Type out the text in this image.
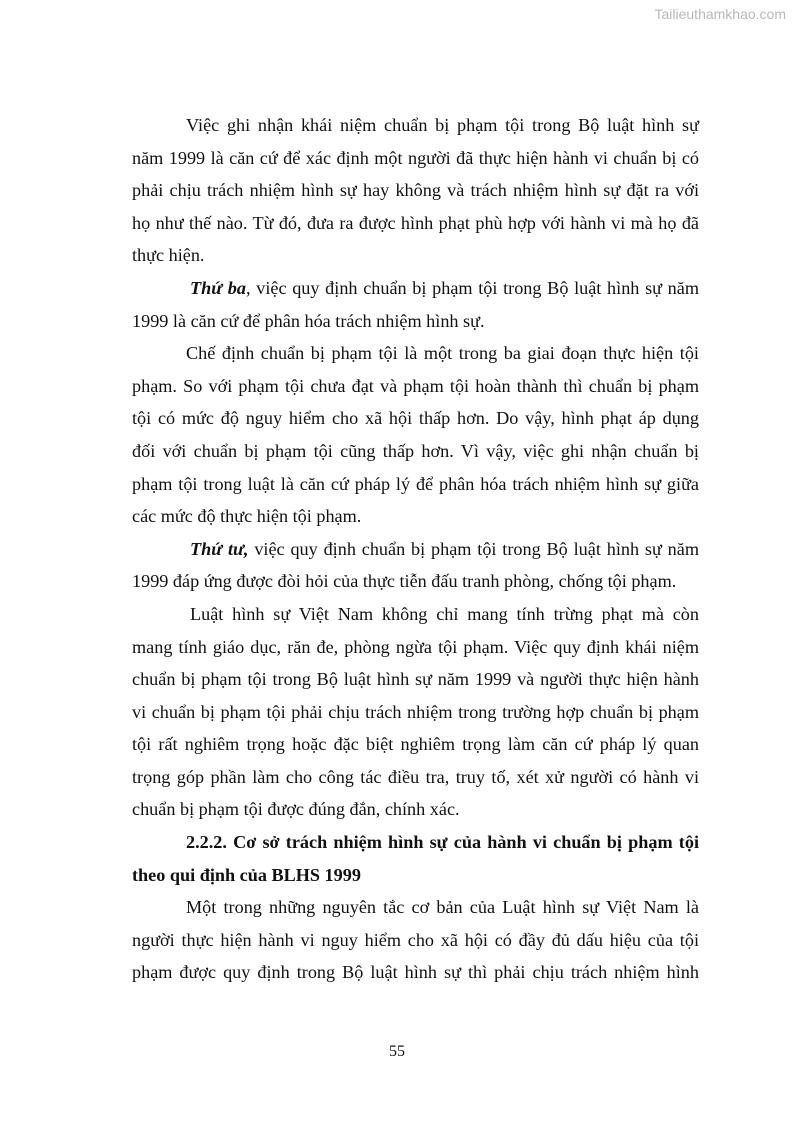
Tailieuthamkhao.com
Việc ghi nhận khái niệm chuẩn bị phạm tội trong Bộ luật hình sự
năm 1999 là căn cứ để xác định một người đã thực hiện hành vi chuẩn bị có
phải chịu trách nhiệm hình sự hay không và trách nhiệm hình sự đặt ra với
họ như thế nào. Từ đó, đưa ra được hình phạt phù hợp với hành vi mà họ đã
thực hiện.
Thứ ba, việc quy định chuẩn bị phạm tội trong Bộ luật hình sự năm
1999 là căn cứ để phân hóa trách nhiệm hình sự.
Chế định chuẩn bị phạm tội là một trong ba giai đoạn thực hiện tội
phạm. So với phạm tội chưa đạt và phạm tội hoàn thành thì chuẩn bị phạm
tội có mức độ nguy hiểm cho xã hội thấp hơn. Do vậy, hình phạt áp dụng
đối với chuẩn bị phạm tội cũng thấp hơn. Vì vậy, việc ghi nhận chuẩn bị
phạm tội trong luật là căn cứ pháp lý để phân hóa trách nhiệm hình sự giữa
các mức độ thực hiện tội phạm.
Thứ tư, việc quy định chuẩn bị phạm tội trong Bộ luật hình sự năm
1999 đáp ứng được đòi hỏi của thực tiễn đấu tranh phòng, chống tội phạm.
Luật hình sự Việt Nam không chỉ mang tính trừng phạt mà còn
mang tính giáo dục, răn đe, phòng ngừa tội phạm. Việc quy định khái niệm
chuẩn bị phạm tội trong Bộ luật hình sự năm 1999 và người thực hiện hành
vi chuẩn bị phạm tội phải chịu trách nhiệm trong trường hợp chuẩn bị phạm
tội rất nghiêm trọng hoặc đặc biệt nghiêm trọng làm căn cứ pháp lý quan
trọng góp phần làm cho công tác điều tra, truy tố, xét xử người có hành vi
chuẩn bị phạm tội được đúng đắn, chính xác.
2.2.2. Cơ sở trách nhiệm hình sự của hành vi chuẩn bị phạm tội
theo qui định của BLHS 1999
Một trong những nguyên tắc cơ bản của Luật hình sự Việt Nam là
người thực hiện hành vi nguy hiểm cho xã hội có đầy đủ dấu hiệu của tội
phạm được quy định trong Bộ luật hình sự thì phải chịu trách nhiệm hình
55
